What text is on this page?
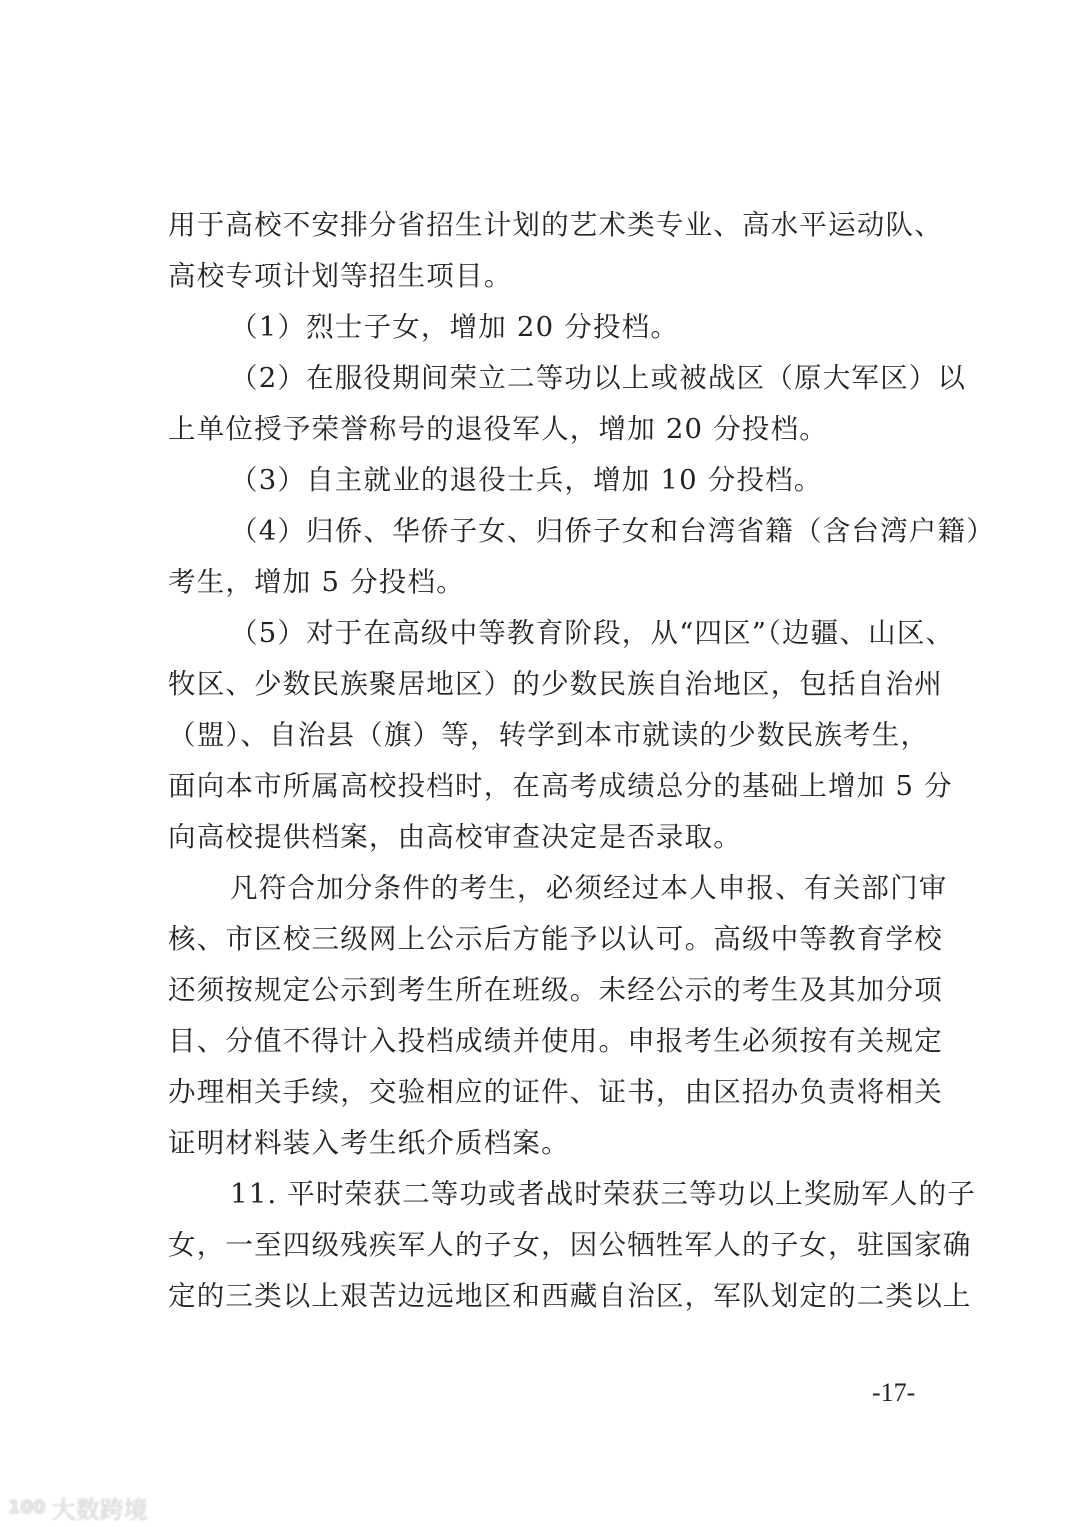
用于高校不安排分省招生计划的艺术类专业、高水平运动队、
高校专项计划等招生项目。
（1）烈士子女，增加 20 分投档。
（2）在服役期间荣立二等功以上或被战区（原大军区）以
上单位授予荣誉称号的退役军人，增加 20 分投档。
（3）自主就业的退役士兵，增加 10 分投档。
（4）归侨、华侨子女、归侨子女和台湾省籍（含台湾户籍）
考生，增加 5 分投档。
（5）对于在高级中等教育阶段，从“四区”（边疆、山区、
牧区、少数民族聚居地区）的少数民族自治地区，包括自治州
（盟）、自治县（旗）等，转学到本市就读的少数民族考生，
面向本市所属高校投档时，在高考成绩总分的基础上增加 5 分
向高校提供档案，由高校审查决定是否录取。
凡符合加分条件的考生，必须经过本人申报、有关部门审
核、市区校三级网上公示后方能予以认可。高级中等教育学校
还须按规定公示到考生所在班级。未经公示的考生及其加分项
目、分值不得计入投档成绩并使用。申报考生必须按有关规定
办理相关手续，交验相应的证件、证书，由区招办负责将相关
证明材料装入考生纸介质档案。
11. 平时荣获二等功或者战时荣获三等功以上奖励军人的子
女，一至四级残疾军人的子女，因公牺牲军人的子女，驻国家确
定的三类以上艰苦边远地区和西藏自治区，军队划定的二类以上
-17-
100 大数跨境
